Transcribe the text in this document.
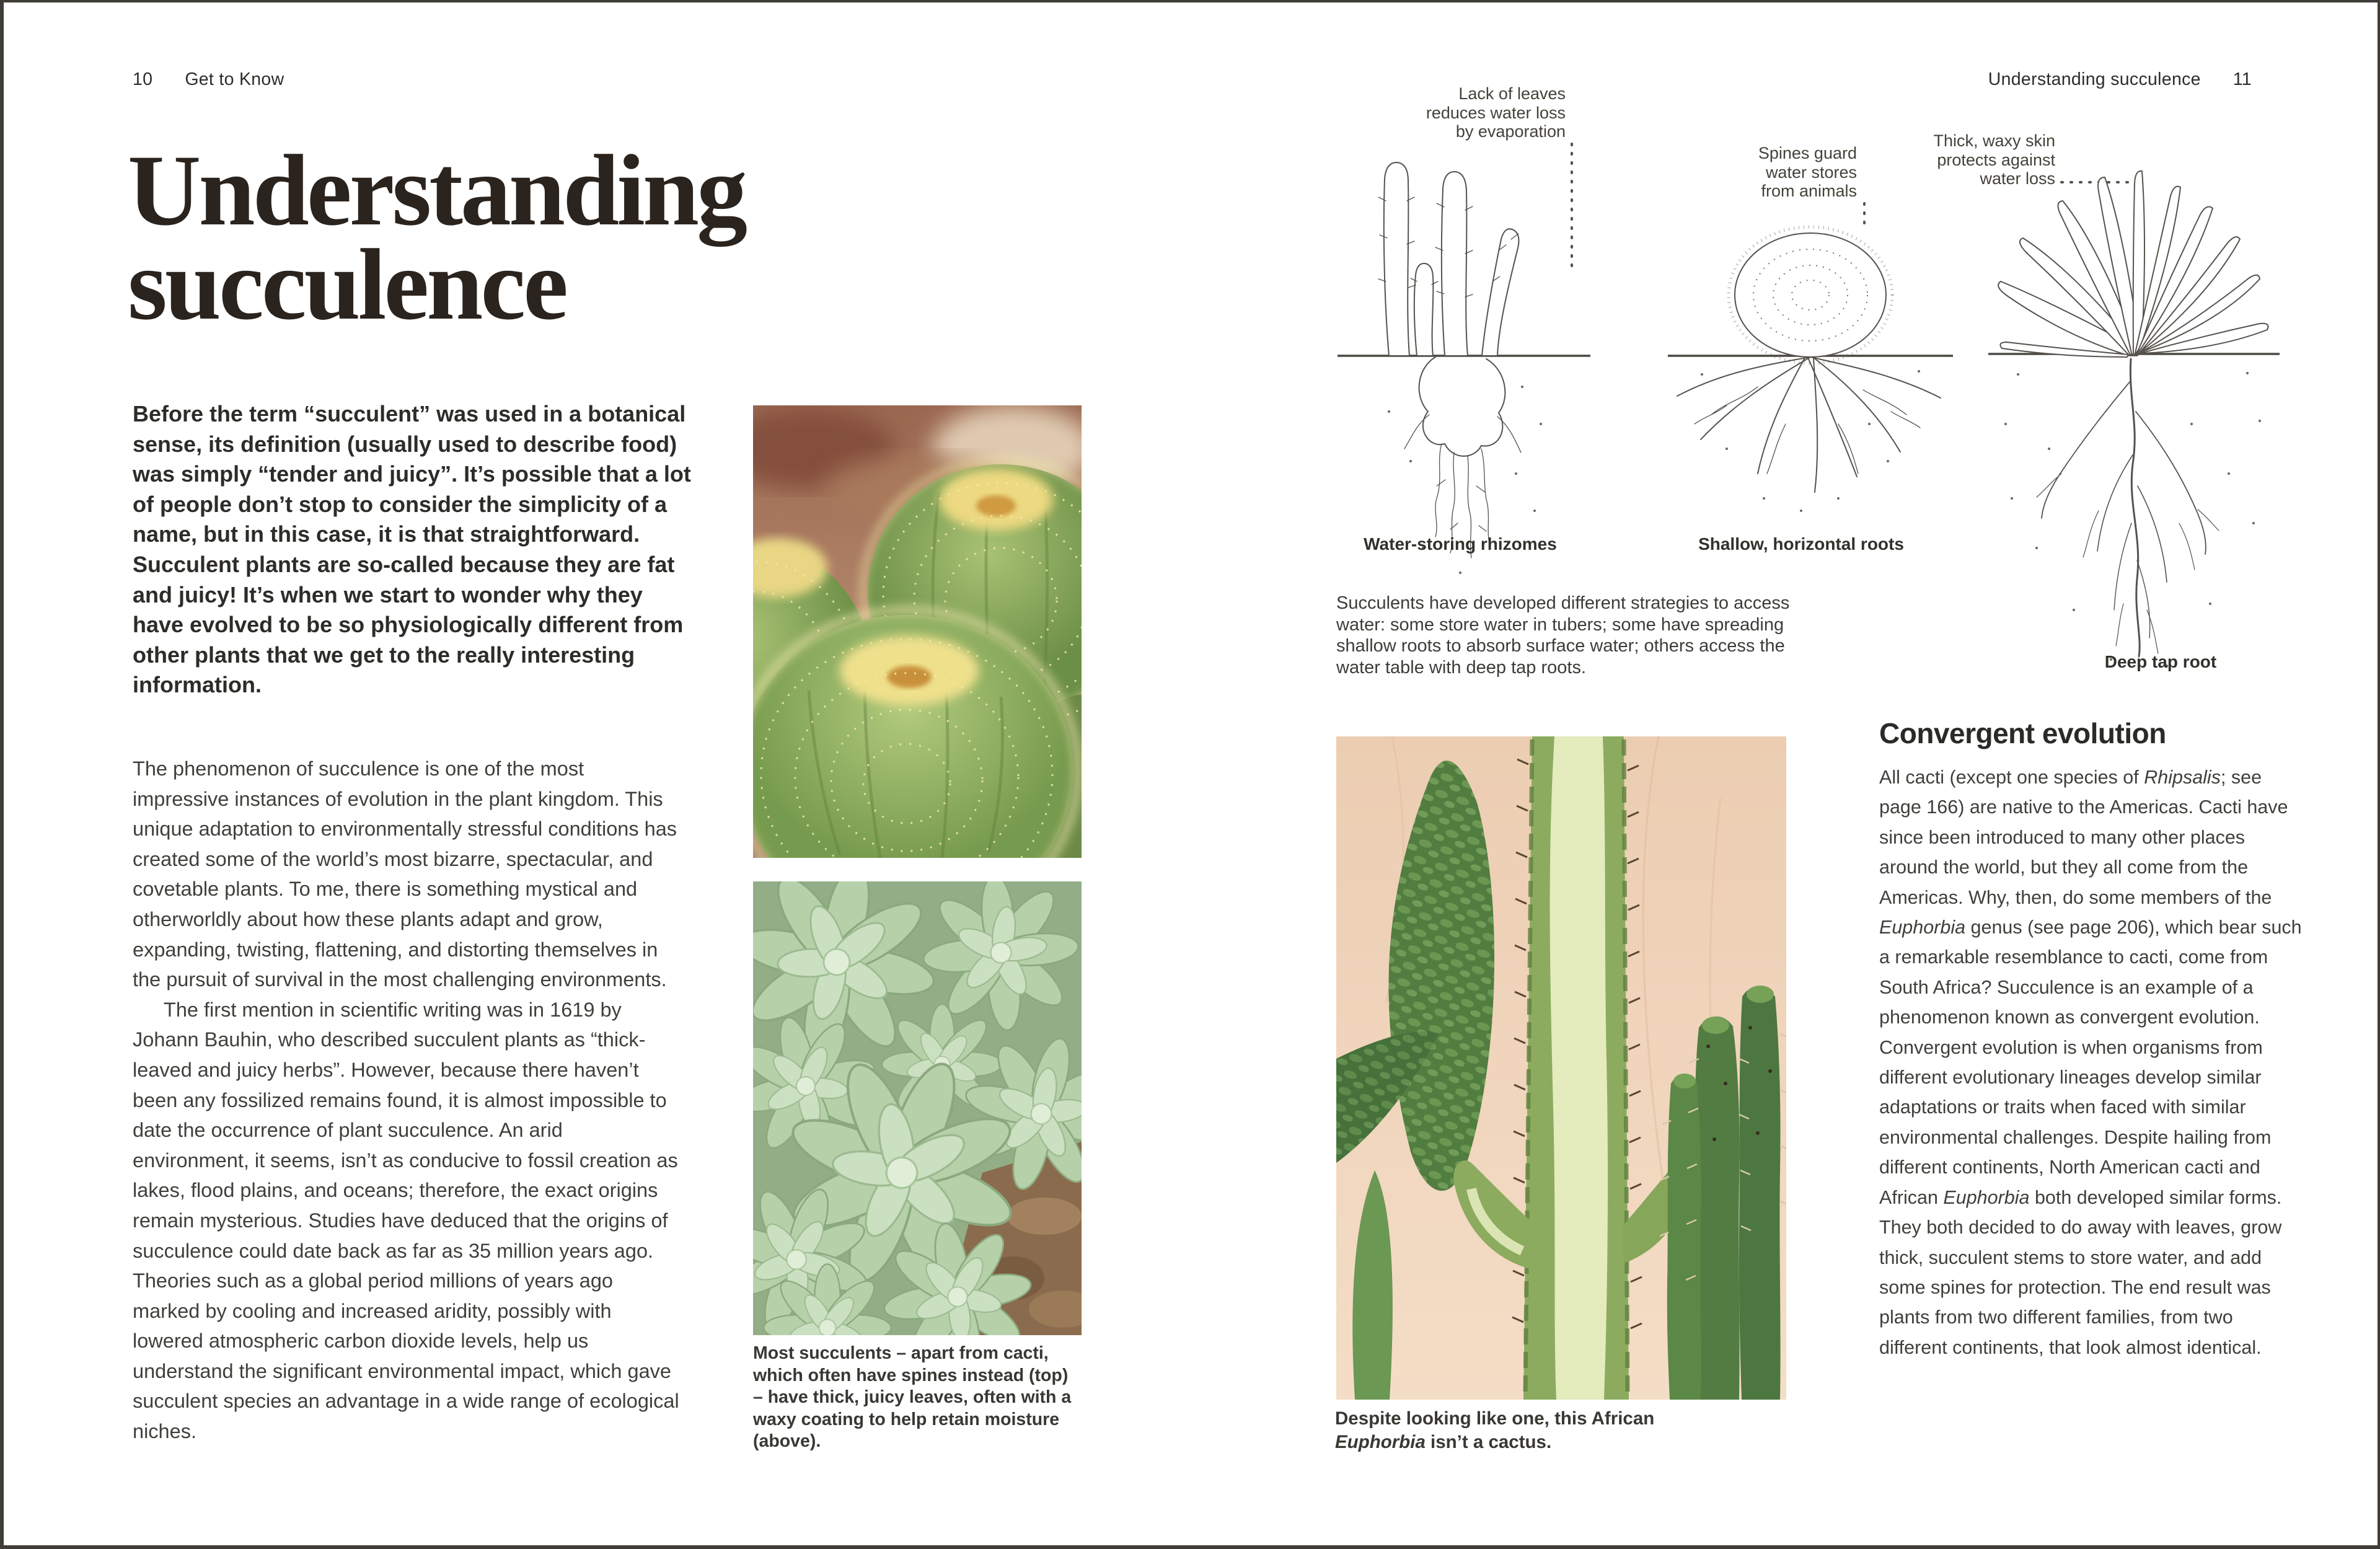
10 Get to Know	Understanding succulence 11
Understanding
succulence
Before the term “succulent” was used in a botanical sense, its definition (usually used to describe food) was simply “tender and juicy”. It’s possible that a lot of people don’t stop to consider the simplicity of a name, but in this case, it is that straightforward. Succulent plants are so-called because they are fat and juicy! It’s when we start to wonder why they have evolved to be so physiologically different from other plants that we get to the really interesting information.

The phenomenon of succulence is one of the most impressive instances of evolution in the plant kingdom. This unique adaptation to environmentally stressful conditions has created some of the world’s most bizarre, spectacular, and covetable plants. To me, there is something mystical and otherworldly about how these plants adapt and grow, expanding, twisting, flattening, and distorting themselves in the pursuit of survival in the most challenging environments.

The first mention in scientific writing was in 1619 by Johann Bauhin, who described succulent plants as “thick-leaved and juicy herbs”. However, because there haven’t been any fossilized remains found, it is almost impossible to date the occurrence of plant succulence. An arid environment, it seems, isn’t as conducive to fossil creation as lakes, flood plains, and oceans; therefore, the exact origins remain mysterious. Studies have deduced that the origins of succulence could date back as far as 35 million years ago. Theories such as a global period millions of years ago marked by cooling and increased aridity, possibly with lowered atmospheric carbon dioxide levels, help us understand the significant environmental impact, which gave succulent species an advantage in a wide range of ecological niches.

Most succulents – apart from cacti, which often have spines instead (top) – have thick, juicy leaves, often with a waxy coating to help retain moisture (above).
Lack of leaves
reduces water loss
by evaporation
Spines guard
water stores
from animals
Thick, waxy skin
protects against
water loss
Water-storing rhizomes	Shallow, horizontal roots
Deep tap root
Succulents have developed different strategies to access water: some store water in tubers; some have spreading shallow roots to absorb surface water; others access the water table with deep tap roots.
Despite looking like one, this African Euphorbia isn’t a cactus.
Convergent evolution
All cacti (except one species of Rhipsalis; see page 166) are native to the Americas. Cacti have since been introduced to many other places around the world, but they all come from the Americas. Why, then, do some members of the Euphorbia genus (see page 206), which bear such a remarkable resemblance to cacti, come from South Africa? Succulence is an example of a phenomenon known as convergent evolution. Convergent evolution is when organisms from different evolutionary lineages develop similar adaptations or traits when faced with similar environmental challenges. Despite hailing from different continents, North American cacti and African Euphorbia both developed similar forms. They both decided to do away with leaves, grow thick, succulent stems to store water, and add some spines for protection. The end result was plants from two different families, from two different continents, that look almost identical.
